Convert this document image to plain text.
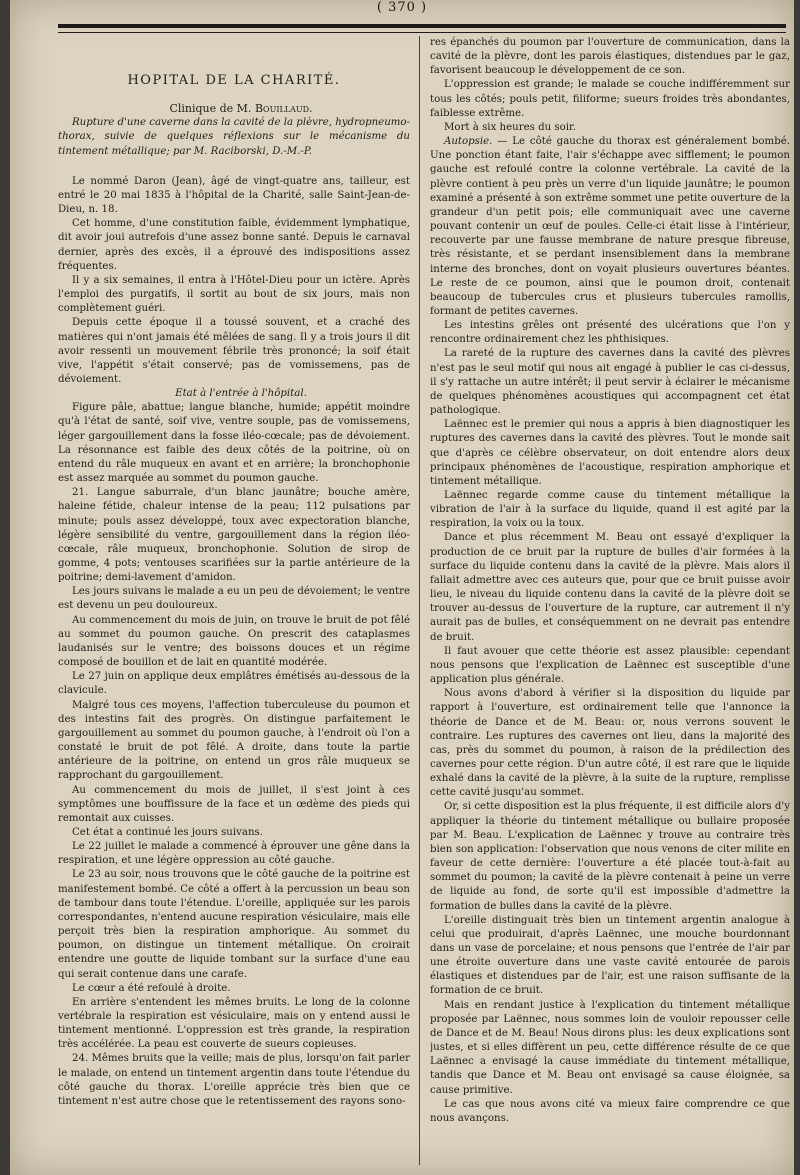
( 370 )
HOPITAL DE LA CHARITÉ.

Clinique de M. Bouillaud.

Rupture d'une caverne dans la cavité de la plèvre, hydropneumo-thorax, suivie de quelques réflexions sur le mécanisme du tintement métallique; par M. Raciborski, D.-M.-P.

Le nommé Daron (Jean), âgé de vingt-quatre ans, tailleur, est entré le 20 mai 1835 à l'hôpital de la Charité, salle Saint-Jean-de-Dieu, n. 18.

Cet homme, d'une constitution faible, évidemment lymphatique, dit avoir joui autrefois d'une assez bonne santé. Depuis le carnaval dernier, après des excès, il a éprouvé des indispositions assez fréquentes.

Il y a six semaines, il entra à l'Hôtel-Dieu pour un ictère. Après l'emploi des purgatifs, il sortit au bout de six jours, mais non complètement guéri.

Depuis cette époque il a toussé souvent, et a craché des matières qui n'ont jamais été mêlées de sang. Il y a trois jours il dit avoir ressenti un mouvement fébrile très prononcé; la soif était vive, l'appétit s'était conservé; pas de vomissemens, pas de dévoiement.

Etat à l'entrée à l'hôpital.

Figure pâle, abattue; langue blanche, humide; appétit moindre qu'à l'état de santé, soif vive, ventre souple, pas de vomissemens, léger gargouillement dans la fosse iléo-cœcale; pas de dévoiement. La résonnance est faible des deux côtés de la poitrine, où on entend du râle muqueux en avant et en arrière; la bronchophonie est assez marquée au sommet du poumon gauche.

21. Langue saburrale, d'un blanc jaunâtre; bouche amère, haleine fétide, chaleur intense de la peau; 112 pulsations par minute; pouls assez développé, toux avec expectoration blanche, légère sensibilité du ventre, gargouillement dans la région iléo-cœcale, râle muqueux, bronchophonie. Solution de sirop de gomme, 4 pots; ventouses scarifiées sur la partie antérieure de la poitrine; demi-lavement d'amidon.

Les jours suivans le malade a eu un peu de dévoiement; le ventre est devenu un peu douloureux.

Au commencement du mois de juin, on trouve le bruit de pot fêlé au sommet du poumon gauche. On prescrit des cataplasmes laudanisés sur le ventre; des boissons douces et un régime composé de bouillon et de lait en quantité modérée.

Le 27 juin on applique deux emplâtres émétisés au-dessous de la clavicule.

Malgré tous ces moyens, l'affection tuberculeuse du poumon et des intestins fait des progrès. On distingue parfaitement le gargouillement au sommet du poumon gauche, à l'endroit où l'on a constaté le bruit de pot fêlé. A droite, dans toute la partie antérieure de la poitrine, on entend un gros râle muqueux se rapprochant du gargouillement.

Au commencement du mois de juillet, il s'est joint à ces symptômes une bouffissure de la face et un œdème des pieds qui remontait aux cuisses.

Cet état a continué les jours suivans.

Le 22 juillet le malade a commencé à éprouver une gêne dans la respiration, et une légère oppression au côté gauche.

Le 23 au soir, nous trouvons que le côté gauche de la poitrine est manifestement bombé. Ce côté a offert à la percussion un beau son de tambour dans toute l'étendue. L'oreille, appliquée sur les parois correspondantes, n'entend aucune respiration vésiculaire, mais elle perçoit très bien la respiration amphorique. Au sommet du poumon, on distingue un tintement métallique. On croirait entendre une goutte de liquide tombant sur la surface d'une eau qui serait contenue dans une carafe.

Le cœur a été refoulé à droite.

En arrière s'entendent les mêmes bruits. Le long de la colonne vertébrale la respiration est vésiculaire, mais on y entend aussi le tintement mentionné. L'oppression est très grande, la respiration très accélérée. La peau est couverte de sueurs copieuses.

24. Mêmes bruits que la veille; mais de plus, lorsqu'on fait parler le malade, on entend un tintement argentin dans toute l'étendue du côté gauche du thorax. L'oreille apprécie très bien que ce tintement n'est autre chose que le retentissement des rayons sono-

res épanchés du poumon par l'ouverture de communication, dans la cavité de la plèvre, dont les parois élastiques, distendues par le gaz, favorisent beaucoup le développement de ce son.

L'oppression est grande; le malade se couche indifféremment sur tous les côtés; pouls petit, filiforme; sueurs froides très abondantes, faiblesse extrême.

Mort à six heures du soir.

Autopsie. — Le côté gauche du thorax est généralement bombé. Une ponction étant faite, l'air s'échappe avec sifflement; le poumon gauche est refoulé contre la colonne vertébrale. La cavité de la plèvre contient à peu près un verre d'un liquide jaunâtre; le poumon examiné a présenté à son extrême sommet une petite ouverture de la grandeur d'un petit pois; elle communiquait avec une caverne pouvant contenir un œuf de poules. Celle-ci était lisse à l'intérieur, recouverte par une fausse membrane de nature presque fibreuse, très résistante, et se perdant insensiblement dans la membrane interne des bronches, dont on voyait plusieurs ouvertures béantes. Le reste de ce poumon, ainsi que le poumon droit, contenait beaucoup de tubercules crus et plusieurs tubercules ramollis, formant de petites cavernes.

Les intestins grêles ont présenté des ulcérations que l'on y rencontre ordinairement chez les phthisiques.

La rareté de la rupture des cavernes dans la cavité des plèvres n'est pas le seul motif qui nous ait engagé à publier le cas ci-dessus, il s'y rattache un autre intérêt; il peut servir à éclairer le mécanisme de quelques phénomènes acoustiques qui accompagnent cet état pathologique.

Laënnec est le premier qui nous a appris à bien diagnostiquer les ruptures des cavernes dans la cavité des plèvres. Tout le monde sait que d'après ce célèbre observateur, on doit entendre alors deux principaux phénomènes de l'acoustique, respiration amphorique et tintement métallique.

Laënnec regarde comme cause du tintement métallique la vibration de l'air à la surface du liquide, quand il est agité par la respiration, la voix ou la toux.

Dance et plus récemment M. Beau ont essayé d'expliquer la production de ce bruit par la rupture de bulles d'air formées à la surface du liquide contenu dans la cavité de la plèvre. Mais alors il fallait admettre avec ces auteurs que, pour que ce bruit puisse avoir lieu, le niveau du liquide contenu dans la cavité de la plèvre doit se trouver au-dessus de l'ouverture de la rupture, car autrement il n'y aurait pas de bulles, et conséquemment on ne devrait pas entendre de bruit.

Il faut avouer que cette théorie est assez plausible: cependant nous pensons que l'explication de Laënnec est susceptible d'une application plus générale.

Nous avons d'abord à vérifier si la disposition du liquide par rapport à l'ouverture, est ordinairement telle que l'annonce la théorie de Dance et de M. Beau: or, nous verrons souvent le contraire. Les ruptures des cavernes ont lieu, dans la majorité des cas, près du sommet du poumon, à raison de la prédilection des cavernes pour cette région. D'un autre côté, il est rare que le liquide exhalé dans la cavité de la plèvre, à la suite de la rupture, remplisse cette cavité jusqu'au sommet.

Or, si cette disposition est la plus fréquente, il est difficile alors d'y appliquer la théorie du tintement métallique ou bullaire proposée par M. Beau. L'explication de Laënnec y trouve au contraire très bien son application: l'observation que nous venons de citer milite en faveur de cette dernière: l'ouverture a été placée tout-à-fait au sommet du poumon; la cavité de la plèvre contenait à peine un verre de liquide au fond, de sorte qu'il est impossible d'admettre la formation de bulles dans la cavité de la plèvre.

L'oreille distinguait très bien un tintement argentin analogue à celui que produirait, d'après Laënnec, une mouche bourdonnant dans un vase de porcelaine; et nous pensons que l'entrée de l'air par une étroite ouverture dans une vaste cavité entourée de parois élastiques et distendues par de l'air, est une raison suffisante de la formation de ce bruit.

Mais en rendant justice à l'explication du tintement métallique proposée par Laënnec, nous sommes loin de vouloir repousser celle de Dance et de M. Beau! Nous dirons plus: les deux explications sont justes, et si elles diffèrent un peu, cette différence résulte de ce que Laënnec a envisagé la cause immédiate du tintement métallique, tandis que Dance et M. Beau ont envisagé sa cause éloignée, sa cause primitive.

Le cas que nous avons cité va mieux faire comprendre ce que nous avançons.
